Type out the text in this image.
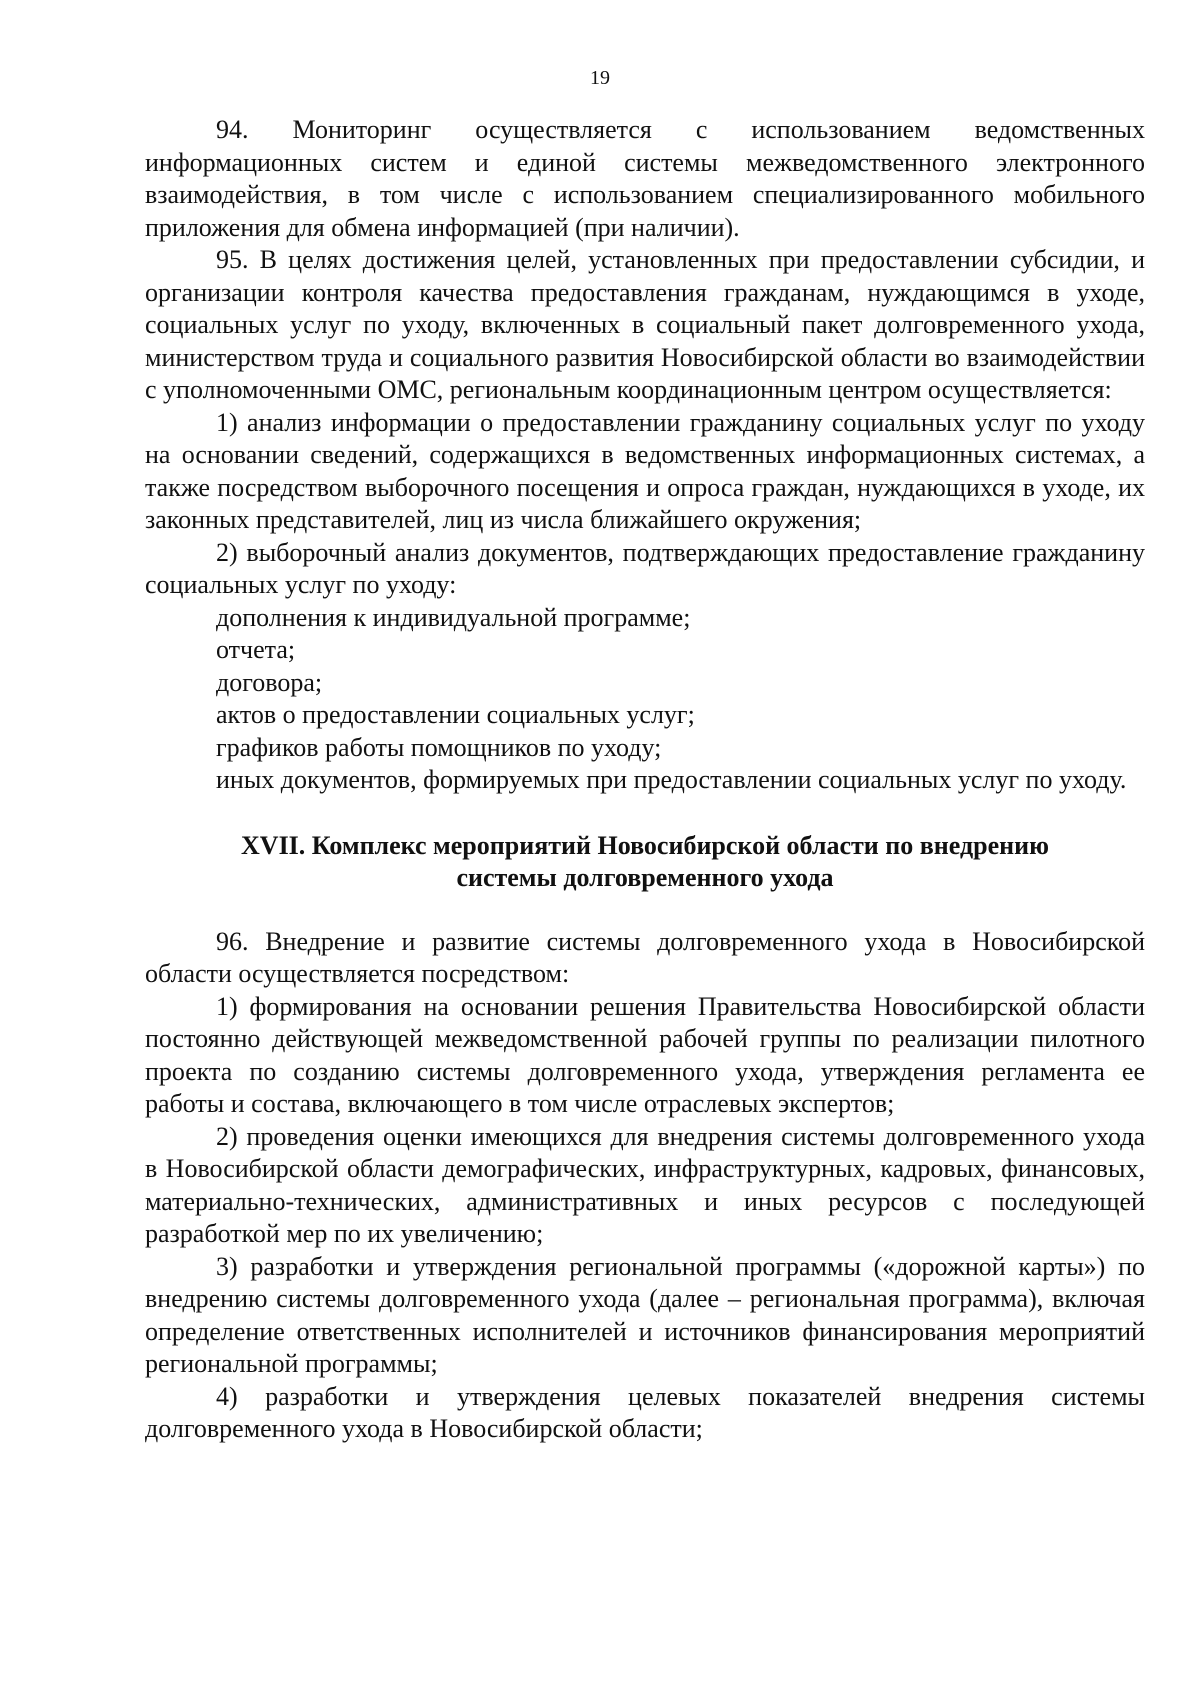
19

94. Мониторинг осуществляется с использованием ведомственных информационных систем и единой системы межведомственного электронного взаимодействия, в том числе с использованием специализированного мобильного приложения для обмена информацией (при наличии).

95. В целях достижения целей, установленных при предоставлении субсидии, и организации контроля качества предоставления гражданам, нуждающимся в уходе, социальных услуг по уходу, включенных в социальный пакет долговременного ухода, министерством труда и социального развития Новосибирской области во взаимодействии с уполномоченными ОМС, региональным координационным центром осуществляется:

1) анализ информации о предоставлении гражданину социальных услуг по уходу на основании сведений, содержащихся в ведомственных информационных системах, а также посредством выборочного посещения и опроса граждан, нуждающихся в уходе, их законных представителей, лиц из числа ближайшего окружения;

2) выборочный анализ документов, подтверждающих предоставление гражданину социальных услуг по уходу:

дополнения к индивидуальной программе;

отчета;

договора;

актов о предоставлении социальных услуг;

графиков работы помощников по уходу;

иных документов, формируемых при предоставлении социальных услуг по уходу.

XVII. Комплекс мероприятий Новосибирской области по внедрению
системы долговременного ухода

96. Внедрение и развитие системы долговременного ухода в Новосибирской области осуществляется посредством:

1) формирования на основании решения Правительства Новосибирской области постоянно действующей межведомственной рабочей группы по реализации пилотного проекта по созданию системы долговременного ухода, утверждения регламента ее работы и состава, включающего в том числе отраслевых экспертов;

2) проведения оценки имеющихся для внедрения системы долговременного ухода в Новосибирской области демографических, инфраструктурных, кадровых, финансовых, материально-технических, административных и иных ресурсов с последующей разработкой мер по их увеличению;

3) разработки и утверждения региональной программы («дорожной карты») по внедрению системы долговременного ухода (далее – региональная программа), включая определение ответственных исполнителей и источников финансирования мероприятий региональной программы;

4) разработки и утверждения целевых показателей внедрения системы долговременного ухода в Новосибирской области;
